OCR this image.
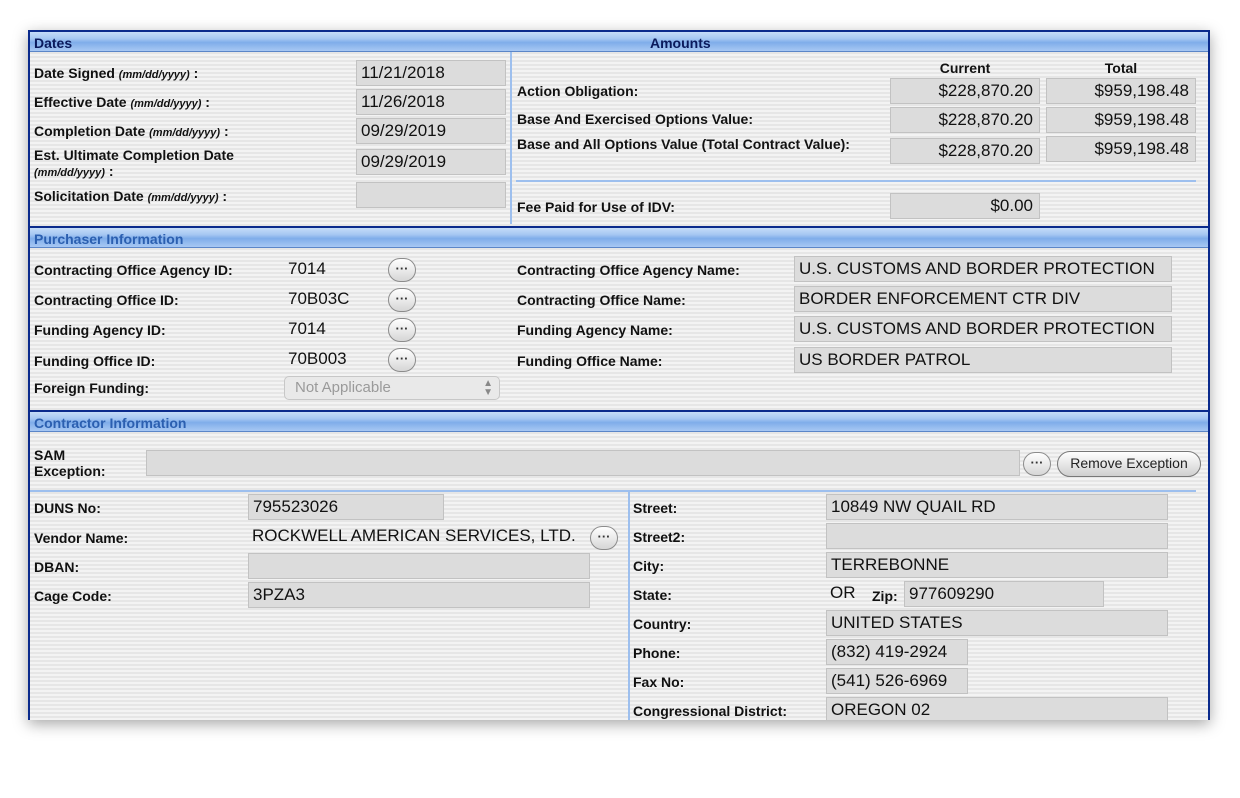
Dates	Amounts
Date Signed (mm/dd/yyyy) :	11/21/2018
Effective Date (mm/dd/yyyy) :	11/26/2018
Completion Date (mm/dd/yyyy) :	09/29/2019
Est. Ultimate Completion Date
(mm/dd/yyyy) :	09/29/2019
Solicitation Date (mm/dd/yyyy) :
Current	Total
Action Obligation:	$228,870.20	$959,198.48
Base And Exercised Options Value:	$228,870.20	$959,198.48
Base and All Options Value (Total Contract Value):	$228,870.20	$959,198.48
Fee Paid for Use of IDV:	$0.00
Purchaser Information
Contracting Office Agency ID:	7014	···
Contracting Office ID:	70B03C	···
Funding Agency ID:	7014	···
Funding Office ID:	70B003	···
Foreign Funding:	Not Applicable	▲
▼
Contracting Office Agency Name:	U.S. CUSTOMS AND BORDER PROTECTION
Contracting Office Name:	BORDER ENFORCEMENT CTR DIV
Funding Agency Name:	U.S. CUSTOMS AND BORDER PROTECTION
Funding Office Name:	US BORDER PATROL
Contractor Information
SAM Exception:
···	Remove Exception
DUNS No:	795523026
Vendor Name:	ROCKWELL AMERICAN SERVICES, LTD.	···
DBAN:
Cage Code:	3PZA3
Street:	10849 NW QUAIL RD
Street2:
City:	TERREBONNE
State:	OR	Zip: 977609290
Country:	UNITED STATES
Phone:	(832) 419-2924
Fax No:	(541) 526-6969
Congressional District:	OREGON 02
